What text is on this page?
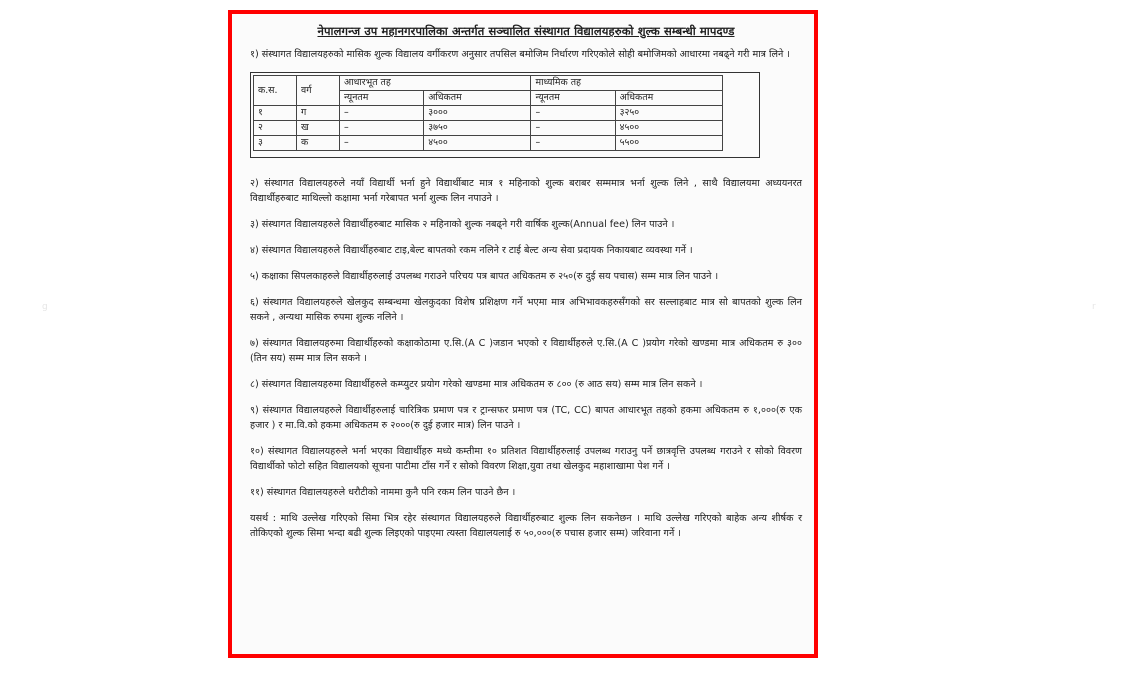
g	r
नेपालगन्ज उप महानगरपालिका अन्तर्गत सञ्चालित संस्थागत विद्यालयहरुको शुल्क सम्बन्धी मापदण्ड

१) संस्थागत विद्यालयहरुको मासिक शुल्क विद्यालय वर्गीकरण अनुसार तपसिल बमोजिम निर्धारण गरिएकोले सोही बमोजिमको आधारमा नबढ्ने गरी मात्र लिने ।

क.स.	वर्ग	आधारभूत तह		माध्यमिक तह	
		न्यूनतम	अधिकतम	न्यूनतम	अधिकतम
१	ग	–	३०००	–	३२५०
२	ख	–	३७५०	–	४५००
३	क	–	४५००	–	५५००

२) संस्थागत विद्यालयहरुले नयाँ विद्यार्थी भर्ना हुने विद्यार्थीबाट मात्र १ महिनाको शुल्क बराबर सम्ममात्र भर्ना शुल्क लिने , साथै विद्यालयमा अध्ययनरत विद्यार्थीहरुबाट माथिल्लो कक्षामा भर्ना गरेबापत भर्ना शुल्क लिन नपाउने ।

३) संस्थागत विद्यालयहरुले विद्यार्थीहरुबाट मासिक २ महिनाको शुल्क नबढ्ने गरी वार्षिक शुल्क(Annual fee) लिन पाउने ।

४) संस्थागत विद्यालयहरुले विद्यार्थीहरुबाट टाइ,बेल्ट बापतको रकम नलिने र टाई बेल्ट अन्य सेवा प्रदायक निकायबाट व्यवस्था गर्ने ।

५) कक्षाका सिपलकाहरुले विद्यार्थीहरुलाई उपलब्ध गराउने परिचय पत्र बापत अधिकतम रु २५०(रु दुई सय पचास) सम्म मात्र लिन पाउने ।

६) संस्थागत विद्यालयहरुले खेलकुद सम्बन्धमा खेलकुदका विशेष प्रशिक्षण गर्ने भएमा मात्र अभिभावकहरुसँगको सर सल्लाहबाट मात्र सो बापतको शुल्क लिन सकने , अन्यथा मासिक रुपमा शुल्क नलिने ।

७) संस्थागत विद्यालयहरुमा विद्यार्थीहरुको कक्षाकोठामा ए.सि.(A C )जडान भएको र विद्यार्थीहरुले ए.सि.(A C )प्रयोग गरेको खण्डमा मात्र अधिकतम रु ३०० (तिन सय) सम्म मात्र लिन सकने ।

८) संस्थागत विद्यालयहरुमा विद्यार्थीहरुले कम्प्युटर प्रयोग गरेको खण्डमा मात्र अधिकतम रु ८०० (रु आठ सय) सम्म मात्र लिन सकने ।

९) संस्थागत विद्यालयहरुले विद्यार्थीहरुलाई चारित्रिक प्रमाण पत्र र ट्रान्सफर प्रमाण पत्र (TC, CC) बापत आधारभूत तहको हकमा अधिकतम रु १,०००(रु एक हजार ) र मा.वि.को हकमा अधिकतम रु २०००(रु दुई हजार मात्र) लिन पाउने ।

१०) संस्थागत विद्यालयहरुले भर्ना भएका विद्यार्थीहरु मध्ये कम्तीमा १० प्रतिशत विद्यार्थीहरुलाई उपलब्ध गराउनु पर्ने छात्रवृत्ति उपलब्ध गराउने र सोको विवरण विद्यार्थीको फोटो सहित विद्यालयको सूचना पाटीमा टाँस गर्ने र सोको विवरण शिक्षा,युवा तथा खेलकुद महाशाखामा पेश गर्ने ।

११) संस्थागत विद्यालयहरुले धरौटीको नाममा कुनै पनि रकम लिन पाउने छैन ।

यसर्थ : माथि उल्लेख गरिएको सिमा भित्र रहेर संस्थागत विद्यालयहरुले विद्यार्थीहरुबाट शुल्क लिन सकनेछन । माथि उल्लेख गरिएको बाहेक अन्य शीर्षक र तोकिएको शुल्क सिमा भन्दा बढी शुल्क लिइएको पाइएमा त्यस्ता विद्यालयलाई रु ५०,०००(रु पचास हजार सम्म) जरिवाना गर्ने ।
